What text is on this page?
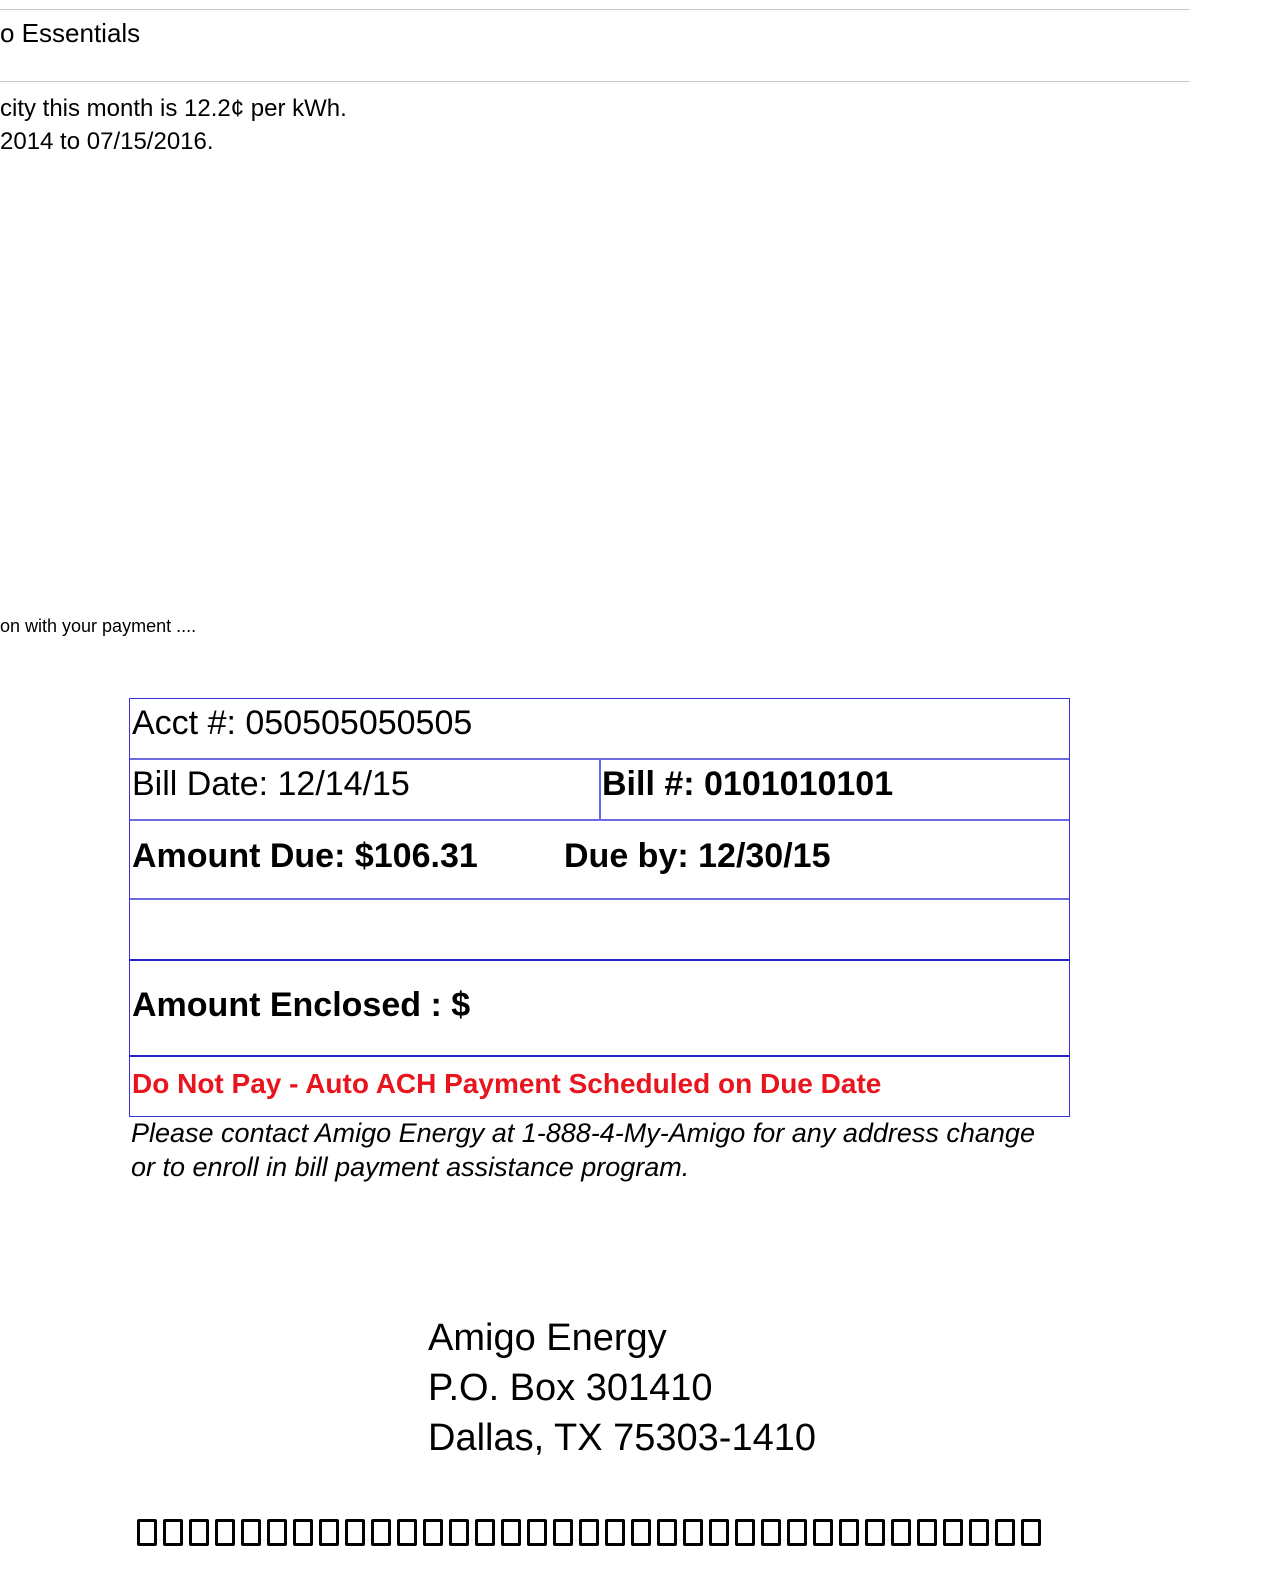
o Essentials
city this month is 12.2¢ per kWh.
2014 to 07/15/2016.
on with your payment ....
Acct #: 050505050505
Bill Date: 12/14/15	Bill #: 0101010101
Amount Due: $106.31	Due by: 12/30/15
Amount Enclosed : $
Do Not Pay - Auto ACH Payment Scheduled on Due Date
Please contact Amigo Energy at 1-888-4-My-Amigo for any address change or to enroll in bill payment assistance program.
Amigo Energy
P.O. Box 301410
Dallas, TX 75303-1410
